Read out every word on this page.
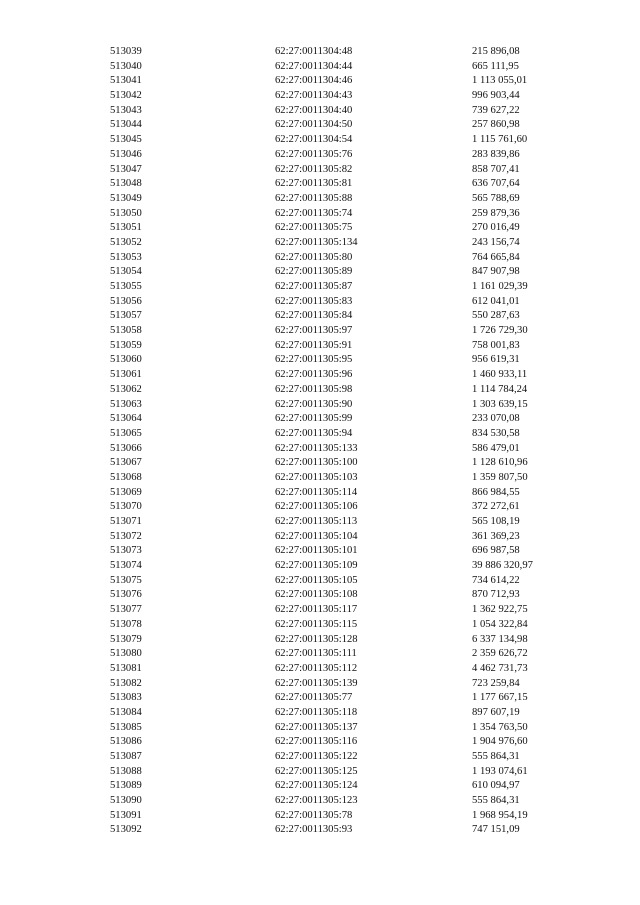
513039	62:27:0011304:48	215 896,08
513040	62:27:0011304:44	665 111,95
513041	62:27:0011304:46	1 113 055,01
513042	62:27:0011304:43	996 903,44
513043	62:27:0011304:40	739 627,22
513044	62:27:0011304:50	257 860,98
513045	62:27:0011304:54	1 115 761,60
513046	62:27:0011305:76	283 839,86
513047	62:27:0011305:82	858 707,41
513048	62:27:0011305:81	636 707,64
513049	62:27:0011305:88	565 788,69
513050	62:27:0011305:74	259 879,36
513051	62:27:0011305:75	270 016,49
513052	62:27:0011305:134	243 156,74
513053	62:27:0011305:80	764 665,84
513054	62:27:0011305:89	847 907,98
513055	62:27:0011305:87	1 161 029,39
513056	62:27:0011305:83	612 041,01
513057	62:27:0011305:84	550 287,63
513058	62:27:0011305:97	1 726 729,30
513059	62:27:0011305:91	758 001,83
513060	62:27:0011305:95	956 619,31
513061	62:27:0011305:96	1 460 933,11
513062	62:27:0011305:98	1 114 784,24
513063	62:27:0011305:90	1 303 639,15
513064	62:27:0011305:99	233 070,08
513065	62:27:0011305:94	834 530,58
513066	62:27:0011305:133	586 479,01
513067	62:27:0011305:100	1 128 610,96
513068	62:27:0011305:103	1 359 807,50
513069	62:27:0011305:114	866 984,55
513070	62:27:0011305:106	372 272,61
513071	62:27:0011305:113	565 108,19
513072	62:27:0011305:104	361 369,23
513073	62:27:0011305:101	696 987,58
513074	62:27:0011305:109	39 886 320,97
513075	62:27:0011305:105	734 614,22
513076	62:27:0011305:108	870 712,93
513077	62:27:0011305:117	1 362 922,75
513078	62:27:0011305:115	1 054 322,84
513079	62:27:0011305:128	6 337 134,98
513080	62:27:0011305:111	2 359 626,72
513081	62:27:0011305:112	4 462 731,73
513082	62:27:0011305:139	723 259,84
513083	62:27:0011305:77	1 177 667,15
513084	62:27:0011305:118	897 607,19
513085	62:27:0011305:137	1 354 763,50
513086	62:27:0011305:116	1 904 976,60
513087	62:27:0011305:122	555 864,31
513088	62:27:0011305:125	1 193 074,61
513089	62:27:0011305:124	610 094,97
513090	62:27:0011305:123	555 864,31
513091	62:27:0011305:78	1 968 954,19
513092	62:27:0011305:93	747 151,09
